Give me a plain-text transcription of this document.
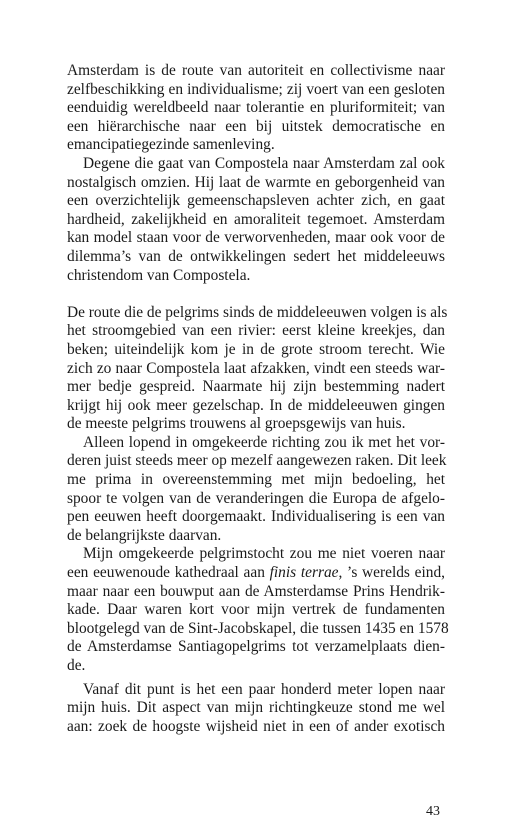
Amsterdam is de route van autoriteit en collectivisme naar
zelfbeschikking en individualisme; zij voert van een gesloten
eenduidig wereldbeeld naar tolerantie en pluriformiteit; van
een hiërarchische naar een bij uitstek democratische en
emancipatiegezinde samenleving.
Degene die gaat van Compostela naar Amsterdam zal ook
nostalgisch omzien. Hij laat de warmte en geborgenheid van
een overzichtelijk gemeenschapsleven achter zich, en gaat
hardheid, zakelijkheid en amoraliteit tegemoet. Amsterdam
kan model staan voor de verworvenheden, maar ook voor de
dilemma’s van de ontwikkelingen sedert het middeleeuws
christendom van Compostela.
De route die de pelgrims sinds de middeleeuwen volgen is als
het stroomgebied van een rivier: eerst kleine kreekjes, dan
beken; uiteindelijk kom je in de grote stroom terecht. Wie
zich zo naar Compostela laat afzakken, vindt een steeds war-
mer bedje gespreid. Naarmate hij zijn bestemming nadert
krijgt hij ook meer gezelschap. In de middeleeuwen gingen
de meeste pelgrims trouwens al groepsgewijs van huis.
Alleen lopend in omgekeerde richting zou ik met het vor-
deren juist steeds meer op mezelf aangewezen raken. Dit leek
me prima in overeenstemming met mijn bedoeling, het
spoor te volgen van de veranderingen die Europa de afgelo-
pen eeuwen heeft doorgemaakt. Individualisering is een van
de belangrijkste daarvan.
Mijn omgekeerde pelgrimstocht zou me niet voeren naar
een eeuwenoude kathedraal aan finis terrae, ’s werelds eind,
maar naar een bouwput aan de Amsterdamse Prins Hendrik-
kade. Daar waren kort voor mijn vertrek de fundamenten
blootgelegd van de Sint-Jacobskapel, die tussen 1435 en 1578
de Amsterdamse Santiagopelgrims tot verzamelplaats dien-
de.
Vanaf dit punt is het een paar honderd meter lopen naar
mijn huis. Dit aspect van mijn richtingkeuze stond me wel
aan: zoek de hoogste wijsheid niet in een of ander exotisch
43
